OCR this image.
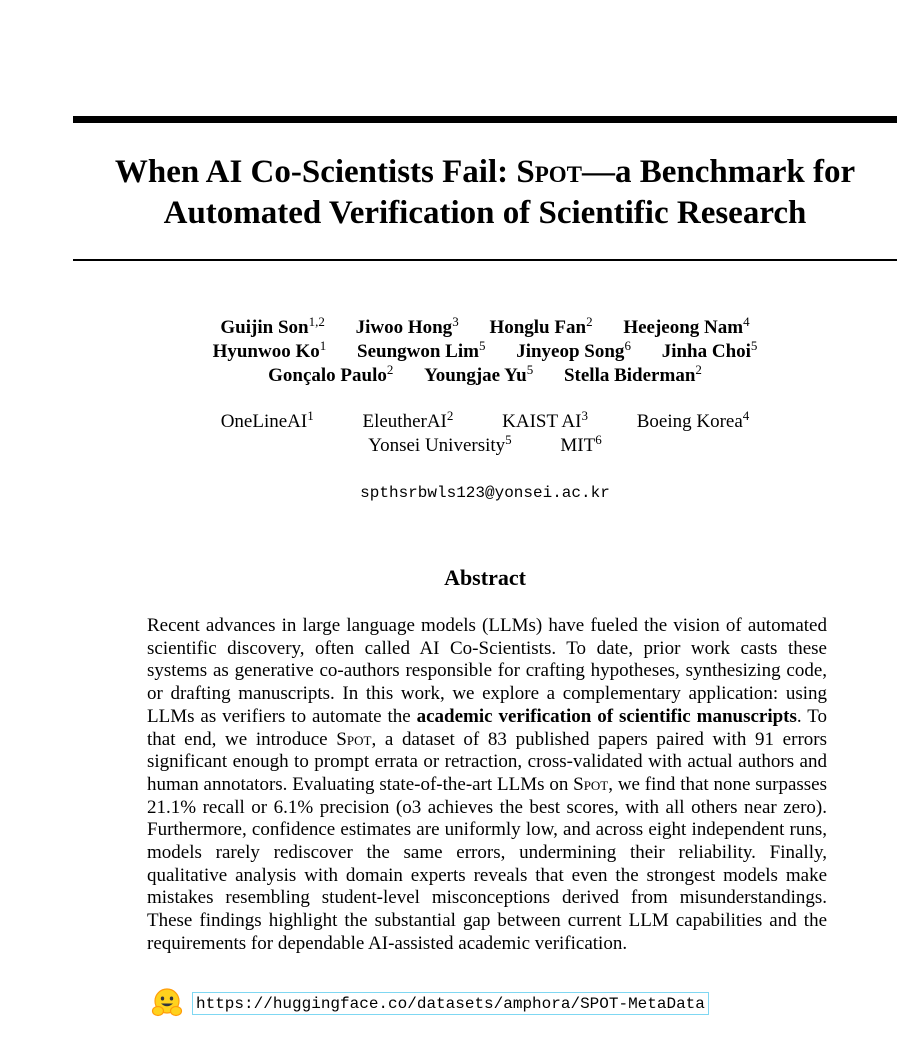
When AI Co-Scientists Fail: Spot—a Benchmark for
Automated Verification of Scientific Research
Guijin Son$^{1,2}$ Jiwoo Hong$^3$ Honglu Fan$^2$ Heejeong Nam$^4$
Hyunwoo Ko$^1$ Seungwon Lim$^5$ Jinyeop Song$^6$ Jinha Choi$^5$
Gonçalo Paulo$^2$ Youngjae Yu$^5$ Stella Biderman$^2$
OneLineAI$^1$	EleutherAI$^2$	KAIST $AI^3$	Boeing Korea$^4$
Yonsei University$^5$	MIT$^6$
spthsrbwls123@yonsei.ac.kr
Abstract

Recent advances in large language models (LLMs) have fueled the vision of automated scientific discovery, often called AI Co-Scientists. To date, prior work casts these systems as generative co-authors responsible for crafting hypotheses, synthesizing code, or drafting manuscripts. In this work, we explore a complementary application: using LLMs as verifiers to automate the academic verification of scientific manuscripts. To that end, we introduce Spot, a dataset of 83 published papers paired with 91 errors significant enough to prompt errata or retraction, cross-validated with actual authors and human annotators. Evaluating state-of-the-art LLMs on Spot, we find that none surpasses 21.1% recall or 6.1% precision (o3 achieves the best scores, with all others near zero). Furthermore, confidence estimates are uniformly low, and across eight independent runs, models rarely rediscover the same errors, undermining their reliability. Finally, qualitative analysis with domain experts reveals that even the strongest models make mistakes resembling student-level misconceptions derived from misunderstandings. These findings highlight the substantial gap between current LLM capabilities and the requirements for dependable AI-assisted academic verification.

https://huggingface.co/datasets/amphora/SPOT-MetaData
